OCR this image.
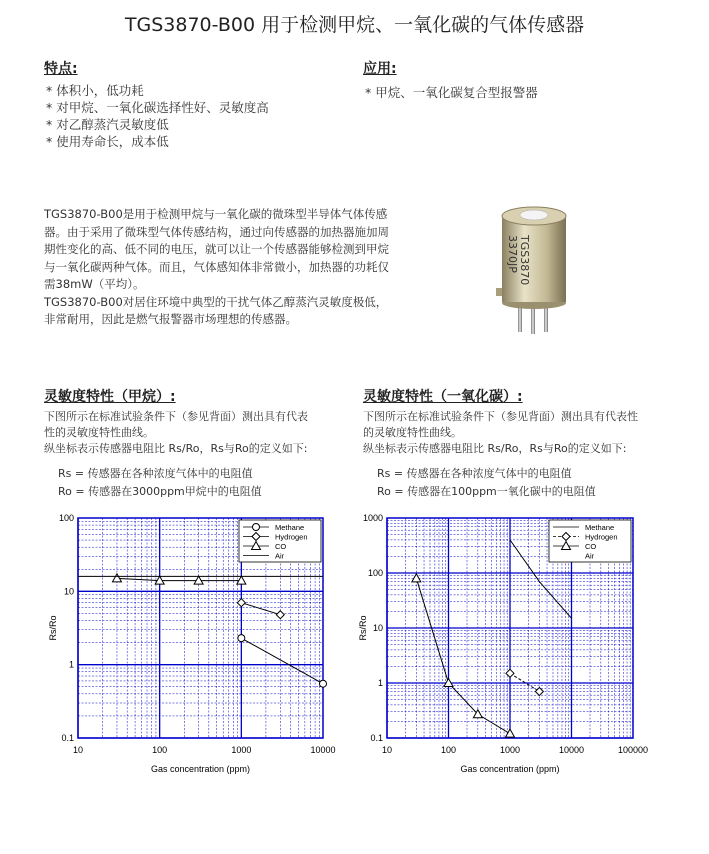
TGS3870-B00 用于检测甲烷、一氧化碳的气体传感器
特点:
* 体积小，低功耗
* 对甲烷、一氧化碳选择性好、灵敏度高
* 对乙醇蒸汽灵敏度低
* 使用寿命长，成本低
应用:
* 甲烷、一氧化碳复合型报警器
TGS3870-B00是用于检测甲烷与一氧化碳的微珠型半导体气体传感
器。由于采用了微珠型气体传感结构，通过向传感器的加热器施加周
期性变化的高、低不同的电压，就可以让一个传感器能够检测到甲烷
与一氧化碳两种气体。而且，气体感知体非常微小，加热器的功耗仅
需38mW（平均）。
TGS3870-B00对居住环境中典型的干扰气体乙醇蒸汽灵敏度极低，
非常耐用，因此是燃气报警器市场理想的传感器。
TGS3870
3370JP
灵敏度特性（甲烷）:
下图所示在标准试验条件下（参见背面）测出具有代表
性的灵敏度特性曲线。
纵坐标表示传感器电阻比 Rs/Ro，Rs与Ro的定义如下:
Rs = 传感器在各种浓度气体中的电阻值
Ro = 传感器在3000ppm甲烷中的电阻值
灵敏度特性（一氧化碳）:
下图所示在标准试验条件下（参见背面）测出具有代表性
的灵敏度特性曲线。
纵坐标表示传感器电阻比 Rs/Ro，Rs与Ro的定义如下:
Rs = 传感器在各种浓度气体中的电阻值
Ro = 传感器在100ppm一氧化碳中的电阻值
10	100	1000	10000
100
10
1
0.1
Gas concentration (ppm)
Rs/Ro
Methane
Hydrogen
CO
Air
10	100	1000	10000	100000
1000
100
10
1
0.1
Gas concentration (ppm)
Rs/Ro
Methane
Hydrogen
CO
Air
